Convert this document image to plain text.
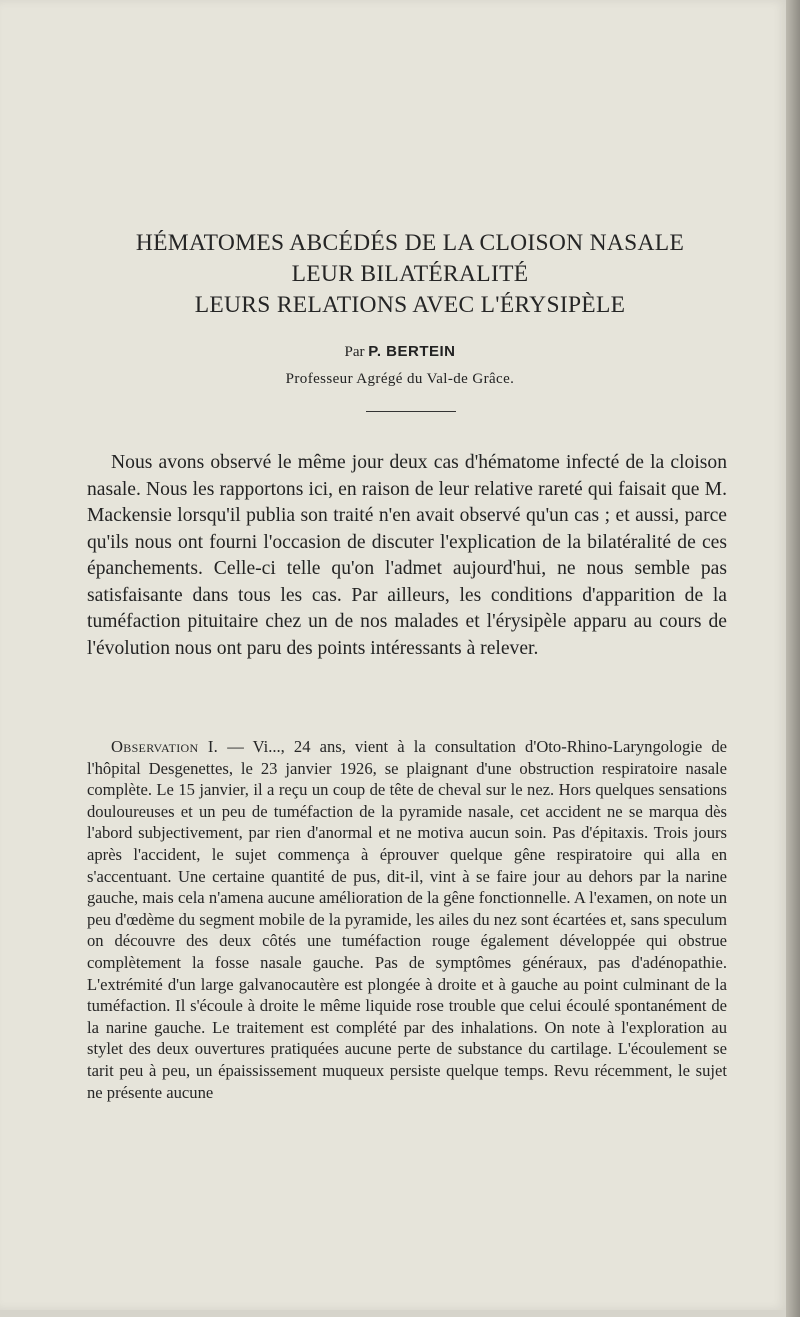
HÉMATOMES ABCÉDÉS DE LA CLOISON NASALE
LEUR BILATÉRALITÉ
LEURS RELATIONS AVEC L'ÉRYSIPÈLE
Par P. BERTEIN
Professeur Agrégé du Val-de Grâce.

Nous avons observé le même jour deux cas d'hématome infecté de la cloison nasale. Nous les rapportons ici, en raison de leur relative rareté qui faisait que M. Mackensie lorsqu'il publia son traité n'en avait observé qu'un cas ; et aussi, parce qu'ils nous ont fourni l'occasion de discuter l'explication de la bilatéralité de ces épanchements. Celle-ci telle qu'on l'admet aujourd'hui, ne nous semble pas satisfaisante dans tous les cas. Par ailleurs, les conditions d'apparition de la tuméfaction pituitaire chez un de nos malades et l'érysipèle apparu au cours de l'évolution nous ont paru des points intéressants à relever.

Observation I. — Vi..., 24 ans, vient à la consultation d'Oto-Rhino-Laryngologie de l'hôpital Desgenettes, le 23 janvier 1926, se plaignant d'une obstruction respiratoire nasale complète. Le 15 janvier, il a reçu un coup de tête de cheval sur le nez. Hors quelques sensations douloureuses et un peu de tuméfaction de la pyramide nasale, cet accident ne se marqua dès l'abord subjectivement, par rien d'anormal et ne motiva aucun soin. Pas d'épitaxis. Trois jours après l'accident, le sujet commença à éprouver quelque gêne respiratoire qui alla en s'accentuant. Une certaine quantité de pus, dit-il, vint à se faire jour au dehors par la narine gauche, mais cela n'amena aucune amélioration de la gêne fonctionnelle. A l'examen, on note un peu d'œdème du segment mobile de la pyramide, les ailes du nez sont écartées et, sans speculum on découvre des deux côtés une tuméfaction rouge également développée qui obstrue complètement la fosse nasale gauche. Pas de symptômes généraux, pas d'adénopathie. L'extrémité d'un large galvanocautère est plongée à droite et à gauche au point culminant de la tuméfaction. Il s'écoule à droite le même liquide rose trouble que celui écoulé spontanément de la narine gauche. Le traitement est complété par des inhalations. On note à l'exploration au stylet des deux ouvertures pratiquées aucune perte de substance du cartilage. L'écoulement se tarit peu à peu, un épaississement muqueux persiste quelque temps. Revu récemment, le sujet ne présente aucune
